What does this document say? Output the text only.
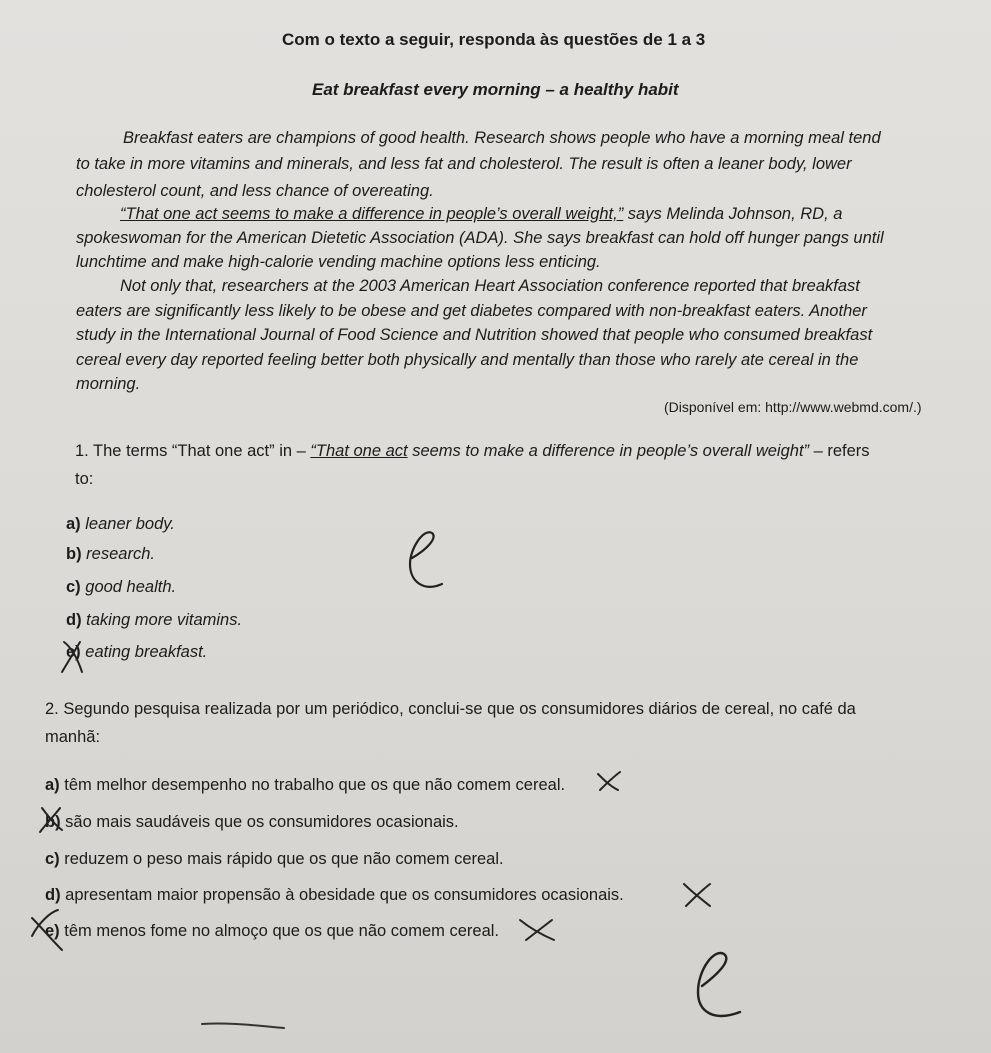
Com o texto a seguir, responda às questões de 1 a 3
Eat breakfast every morning – a healthy habit
Breakfast eaters are champions of good health. Research shows people who have a morning meal tend
to take in more vitamins and minerals, and less fat and cholesterol. The result is often a leaner body, lower
cholesterol count, and less chance of overeating.
“That one act seems to make a difference in people’s overall weight,” says Melinda Johnson, RD, a
spokeswoman for the American Dietetic Association (ADA). She says breakfast can hold off hunger pangs until
lunchtime and make high-calorie vending machine options less enticing.
Not only that, researchers at the 2003 American Heart Association conference reported that breakfast
eaters are significantly less likely to be obese and get diabetes compared with non-breakfast eaters. Another
study in the International Journal of Food Science and Nutrition showed that people who consumed breakfast
cereal every day reported feeling better both physically and mentally than those who rarely ate cereal in the
morning.
(Disponível em: http://www.webmd.com/.)
1. The terms “That one act” in – “That one act seems to make a difference in people’s overall weight” – refers
to:
a) leaner body.
b) research.
c) good health.
d) taking more vitamins.
e) eating breakfast.
2. Segundo pesquisa realizada por um periódico, conclui-se que os consumidores diários de cereal, no café da
manhã:
a) têm melhor desempenho no trabalho que os que não comem cereal.
b) são mais saudáveis que os consumidores ocasionais.
c) reduzem o peso mais rápido que os que não comem cereal.
d) apresentam maior propensão à obesidade que os consumidores ocasionais.
e) têm menos fome no almoço que os que não comem cereal.
